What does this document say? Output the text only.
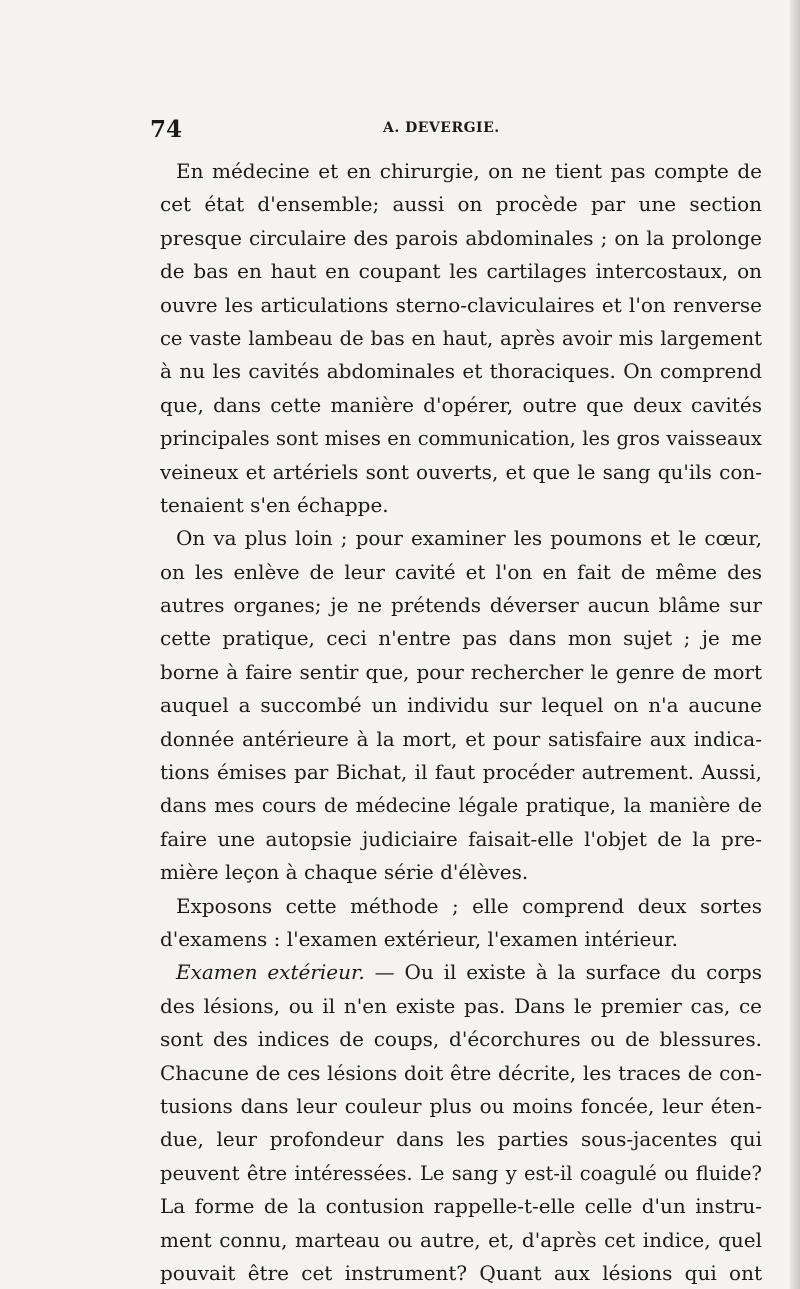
74	A. DEVERGIE.
En médecine et en chirurgie, on ne tient pas compte de
cet état d'ensemble; aussi on procède par une section
presque circulaire des parois abdominales ; on la prolonge
de bas en haut en coupant les cartilages intercostaux, on
ouvre les articulations sterno-claviculaires et l'on renverse
ce vaste lambeau de bas en haut, après avoir mis largement
à nu les cavités abdominales et thoraciques. On comprend
que, dans cette manière d'opérer, outre que deux cavités
principales sont mises en communication, les gros vaisseaux
veineux et artériels sont ouverts, et que le sang qu'ils con-
tenaient s'en échappe.
On va plus loin ; pour examiner les poumons et le cœur,
on les enlève de leur cavité et l'on en fait de même des
autres organes; je ne prétends déverser aucun blâme sur
cette pratique, ceci n'entre pas dans mon sujet ; je me
borne à faire sentir que, pour rechercher le genre de mort
auquel a succombé un individu sur lequel on n'a aucune
donnée antérieure à la mort, et pour satisfaire aux indica-
tions émises par Bichat, il faut procéder autrement. Aussi,
dans mes cours de médecine légale pratique, la manière de
faire une autopsie judiciaire faisait-elle l'objet de la pre-
mière leçon à chaque série d'élèves.
Exposons cette méthode ; elle comprend deux sortes
d'examens : l'examen extérieur, l'examen intérieur.
Examen extérieur. — Ou il existe à la surface du corps
des lésions, ou il n'en existe pas. Dans le premier cas, ce
sont des indices de coups, d'écorchures ou de blessures.
Chacune de ces lésions doit être décrite, les traces de con-
tusions dans leur couleur plus ou moins foncée, leur éten-
due, leur profondeur dans les parties sous-jacentes qui
peuvent être intéressées. Le sang y est-il coagulé ou fluide?
La forme de la contusion rappelle-t-elle celle d'un instru-
ment connu, marteau ou autre, et, d'après cet indice, quel
pouvait être cet instrument? Quant aux lésions qui ont
